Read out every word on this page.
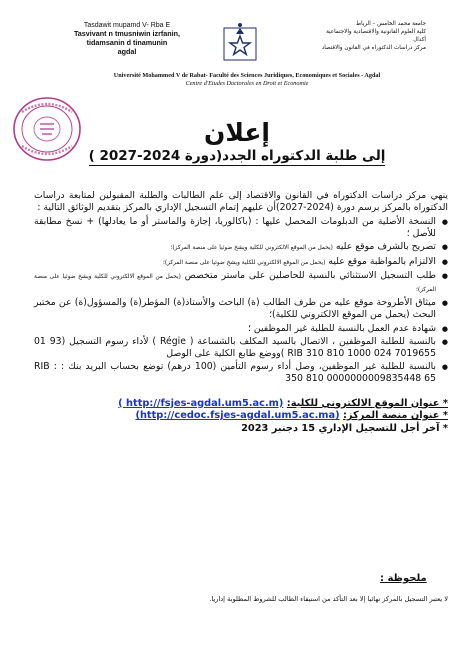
Tasdawit mupamd V- Rba E
Tasvivant n tmusniwin izrfanin,
tidamsanin d tinamunin
agdal
جامعة محمد الخامس – الرباط
كلية العلوم القانونية والاقتصادية والاجتماعية
أكدال
مركز دراسات الدكتوراه في القانون والاقتصاد
Université Mohammed V de Rabat- Faculté des Sciences Juridiques, Economiques et Sociales - Agdal
Centre d'Etudes Doctorales en Droit et Economie
إعلان
إلى طلبة الدكتوراه الجدد(دورة 2024-2027 )

ينهي مركز دراسات الدكتوراه في القانون والاقتصاد إلى علم الطالبات والطلبة المقبولين لمتابعة دراسات الدكتوراه بالمركز برسم دورة (2024-2027)أن عليهم إتمام التسجيل الإداري بالمركز بتقديم الوثائق التالية :

● النسخة الأصلية من الدبلومات المحصل عليها : (باكالوريا، إجازة والماستر أو ما يعادلها) + نسخ مطابقة للأصل ؛
● تصريح بالشرف موقع عليه (يحمل من الموقع الالكتروني للكلية ويشخ ضوئيا على منصة المركز)؛
● الالتزام بالمواظبة موقع عليه (يحمل من الموقع الالكتروني للكلية ويشخ ضوئيا على منصة المركز)؛
● طلب التسجيل الاستثنائي بالنسبة للحاصلين على ماستر متخصص (يحمل من الموقع الالكتروني للكلية ويشخ ضوئيا على منصة المركز)؛
● ميثاق الأطروحة موقع عليه من طرف الطالب (ة) الباحث والأستاذ(ة) المؤطر(ة) والمسؤول(ة) عن مختبر البحث (يحمل من الموقع الالكتروني للكلية)؛
● شهادة عدم العمل بالنسبة للطلبة غير الموظفين ؛
● بالنسبة للطلبة الموظفين ، الاتصال بالسيد المكلف بالشساعة ( Régie ) لأداء رسوم التسجيل (93 01 RIB 310 810 1000 024 7019655 )ووضع طابع الكلية على الوصل
● بالنسبة للطلبة غير الموظفين، وصل أداء رسوم التأمين (100 درهم) توضع بحساب البريد بنك : RIB : 350 810 0000000009835448 65
* عنوان الموقع الالكتروني للكلية: ( http://fsjes-agdal.um5.ac.m)
* عنوان منصة المركز: (http://cedoc.fsjes-agdal.um5.ac.ma)
* آخر أجل للتسجيل الإداري 15 دجنبر 2023
ملحوظة :
لا يعتبر التسجيل بالمركز نهائيا إلا بعد التأكد من استيفاء الطالب للشروط المطلوبة إداريا.
